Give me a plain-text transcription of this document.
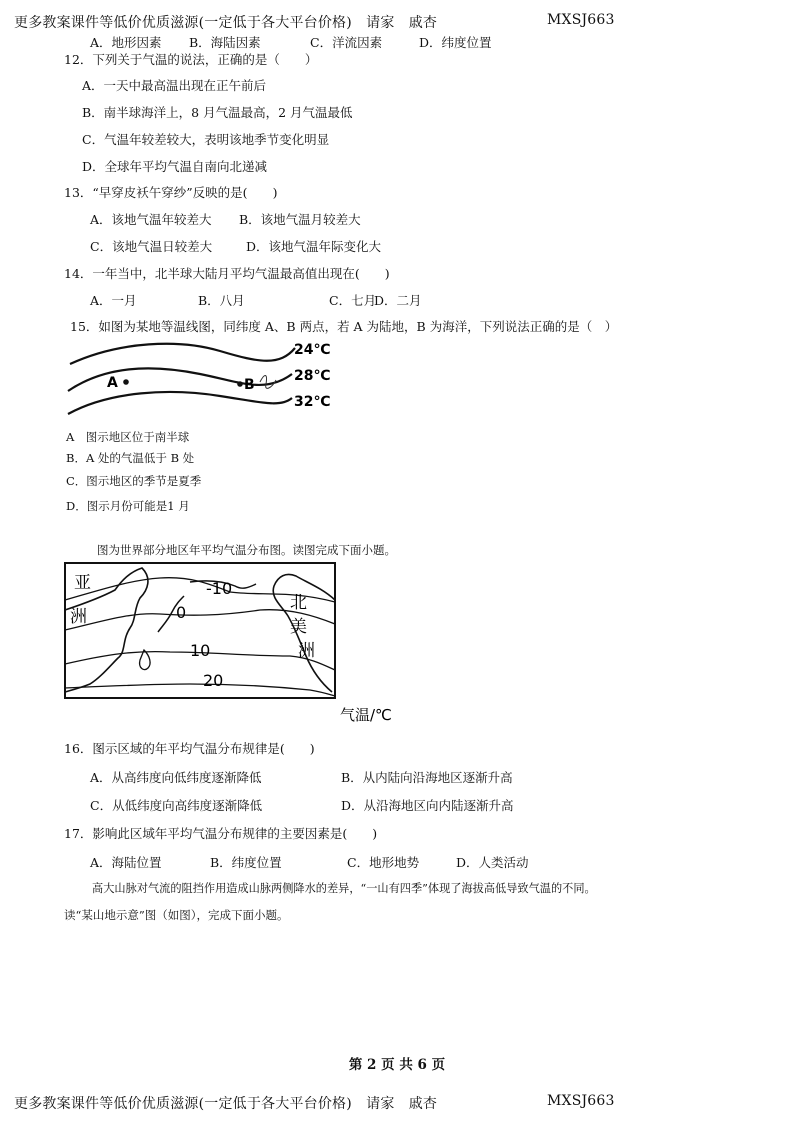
更多教案课件等低价优质滋源(一定低于各大平台价格)　请家　戚杏	MXSJ663
A．地形因素 B．海陆因素	C．洋流因素	D．纬度位置
12．下列关于气温的说法，正确的是（　　）
A．一天中最高温出现在正午前后
B．南半球海洋上，8 月气温最高，2 月气温最低
C．气温年较差较大，表明该地季节变化明显
D．全球年平均气温自南向北递减
13．“早穿皮袄午穿纱”反映的是(　　)
A．该地气温年较差大 B．该地气温月较差大
C．该地气温日较差大	D．该地气温年际变化大
14．一年当中，北半球大陆月平均气温最高值出现在(　　)
A．一月	B．八月	C．七月
D．二月
15．如图为某地等温线图，同纬度 A、B 两点，若 A 为陆地，B 为海洋，下列说法正确的是（　）
A	B
24℃
28℃
32℃
A　图示地区位于南半球
B．A 处的气温低于 B 处
C．图示地区的季节是夏季
D．图示月份可能是1 月
图为世界部分地区年平均气温分布图。读图完成下面小题。
亚
洲
北
美
洲
-10
0
10
20
气温/℃
16．图示区域的年平均气温分布规律是(　　)
A．从高纬度向低纬度逐渐降低	B．从内陆向沿海地区逐渐升高
C．从低纬度向高纬度逐渐降低	D．从沿海地区向内陆逐渐升高
17．影响此区域年平均气温分布规律的主要因素是(　　)
A．海陆位置	B．纬度位置	C．地形地势	D．人类活动
高大山脉对气流的阻挡作用造成山脉两侧降水的差异，“一山有四季”体现了海拔高低导致气温的不同。
读“某山地示意”图（如图），完成下面小题。
第 2 页 共 6 页
更多教案课件等低价优质滋源(一定低于各大平台价格)　请家　戚杏	MXSJ663
